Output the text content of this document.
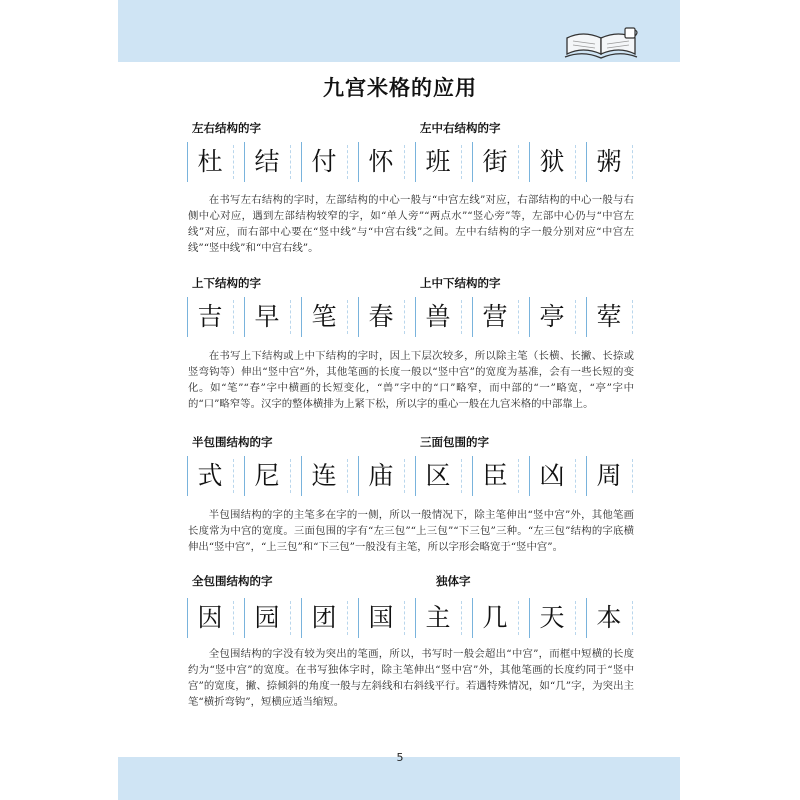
九宫米格的应用
左右结构的字	左中右结构的字
杜	结	付	怀	班	街	狱	粥

在书写左右结构的字时，左部结构的中心一般与“中宫左线”对应，右部结构的中心一般与右侧中心对应，遇到左部结构较窄的字，如“单人旁”“两点水”“竖心旁”等，左部中心仍与“中宫左线”对应，而右部中心要在“竖中线”与“中宫右线”之间。左中右结构的字一般分别对应“中宫左线”“竖中线”和“中宫右线”。

上下结构的字	上中下结构的字
吉	早	笔	春	兽	营	亭	荤

在书写上下结构或上中下结构的字时，因上下层次较多，所以除主笔（长横、长撇、长捺或竖弯钩等）伸出“竖中宫”外，其他笔画的长度一般以“竖中宫”的宽度为基准，会有一些长短的变化。如“笔”“春”字中横画的长短变化，“兽”字中的“口”略窄，而中部的“一”略宽，“亭”字中的“口”略窄等。汉字的整体横排为上紧下松，所以字的重心一般在九宫米格的中部靠上。

半包围结构的字	三面包围的字
式	尼	连	庙	区	臣	凶	周

半包围结构的字的主笔多在字的一侧，所以一般情况下，除主笔伸出“竖中宫”外，其他笔画长度常为中宫的宽度。三面包围的字有“左三包”“上三包”“下三包”三种。“左三包”结构的字底横伸出“竖中宫”，“上三包”和“下三包”一般没有主笔，所以字形会略宽于“竖中宫”。

全包围结构的字	独体字
因	园	团	国	主	几	天	本

全包围结构的字没有较为突出的笔画，所以，书写时一般会超出“中宫”，而框中短横的长度约为“竖中宫”的宽度。在书写独体字时，除主笔伸出“竖中宫”外，其他笔画的长度约同于“竖中宫”的宽度，撇、捺倾斜的角度一般与左斜线和右斜线平行。若遇特殊情况，如“几”字，为突出主笔“横折弯钩”，短横应适当缩短。

5
